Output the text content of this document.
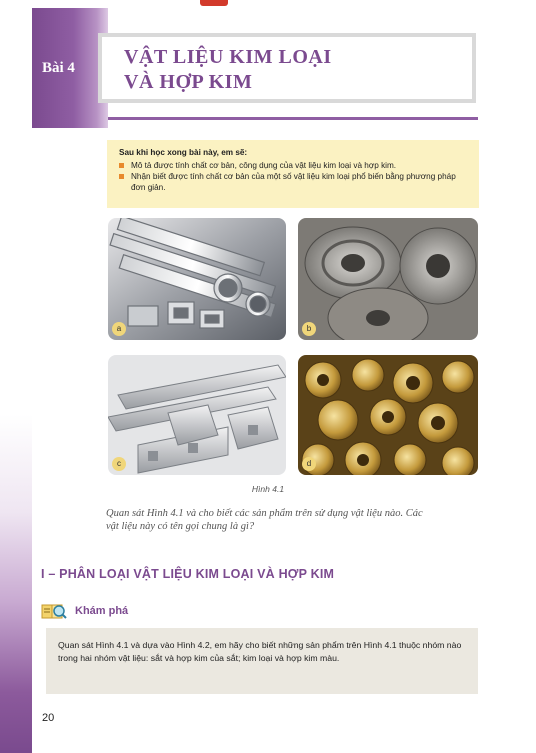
Bài 4 VẬT LIỆU KIM LOẠI
VÀ HỢP KIM
Sau khi học xong bài này, em sẽ:
Mô tả được tính chất cơ bản, công dụng của vật liệu kim loại và hợp kim.
Nhận biết được tính chất cơ bản của một số vật liệu kim loại phổ biến bằng phương pháp đơn giản.
a	b
c	d
Hình 4.1
Quan sát Hình 4.1 và cho biết các sản phẩm trên sử dụng vật liệu nào. Các vật liệu này có tên gọi chung là gì?
I – PHÂN LOẠI VẬT LIỆU KIM LOẠI VÀ HỢP KIM
Khám phá
Quan sát Hình 4.1 và dựa vào Hình 4.2, em hãy cho biết những sản phẩm trên Hình 4.1 thuộc nhóm nào trong hai nhóm vật liệu: sắt và hợp kim của sắt; kim loại và hợp kim màu.
20
